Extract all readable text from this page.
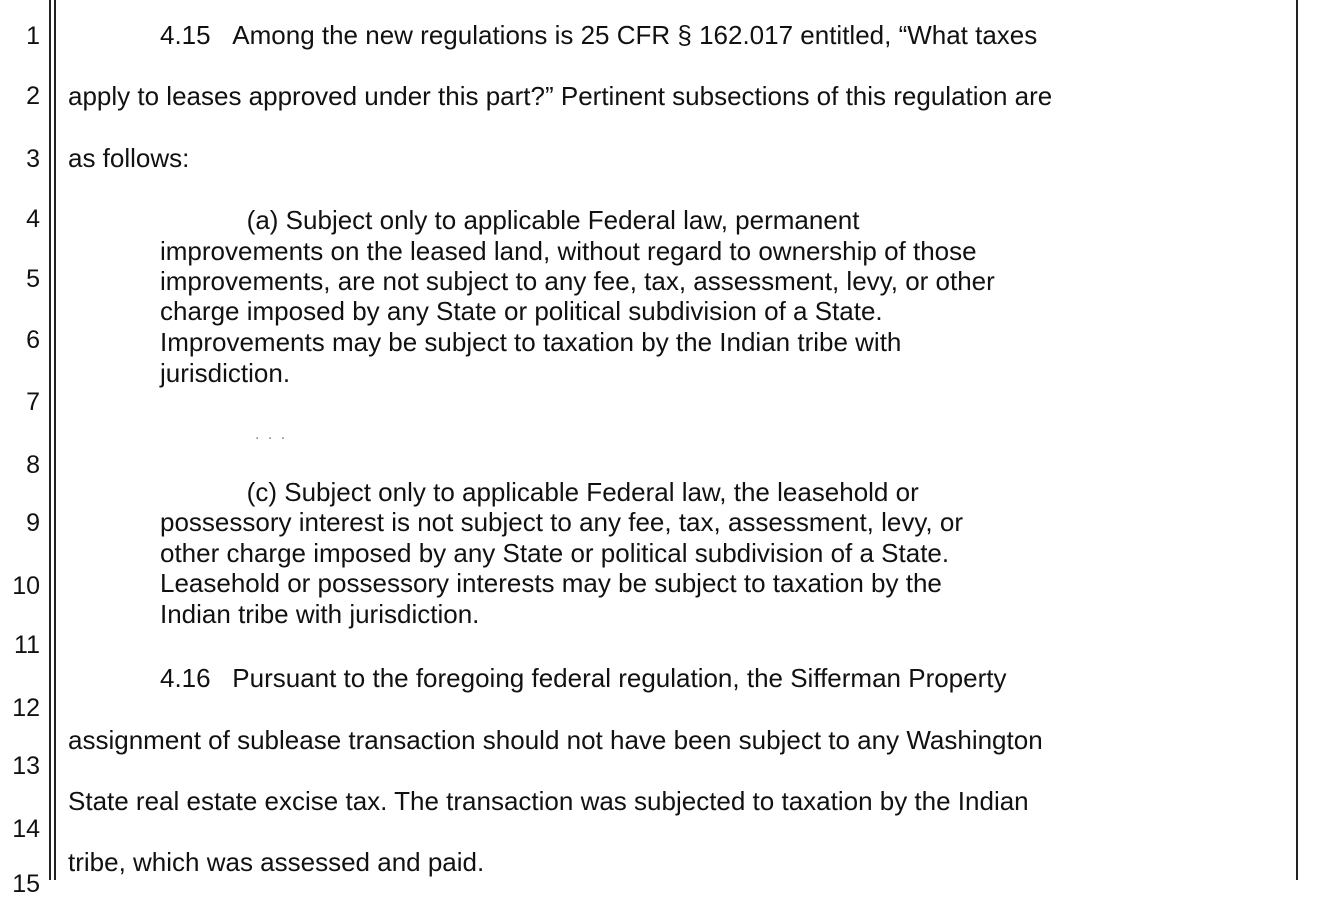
1
2
3
4
5
6
7
8
9
10
11
12
13
14
15
4.15   Among the new regulations is 25 CFR § 162.017 entitled, “What taxes
apply to leases approved under this part?” Pertinent subsections of this regulation are
as follows:
(a) Subject only to applicable Federal law, permanent
improvements on the leased land, without regard to ownership of those
improvements, are not subject to any fee, tax, assessment, levy, or other
charge imposed by any State or political subdivision of a State.
Improvements may be subject to taxation by the Indian tribe with
jurisdiction.
. . .
(c) Subject only to applicable Federal law, the leasehold or
possessory interest is not subject to any fee, tax, assessment, levy, or
other charge imposed by any State or political subdivision of a State.
Leasehold or possessory interests may be subject to taxation by the
Indian tribe with jurisdiction.
4.16   Pursuant to the foregoing federal regulation, the Sifferman Property
assignment of sublease transaction should not have been subject to any Washington
State real estate excise tax. The transaction was subjected to taxation by the Indian
tribe, which was assessed and paid.
